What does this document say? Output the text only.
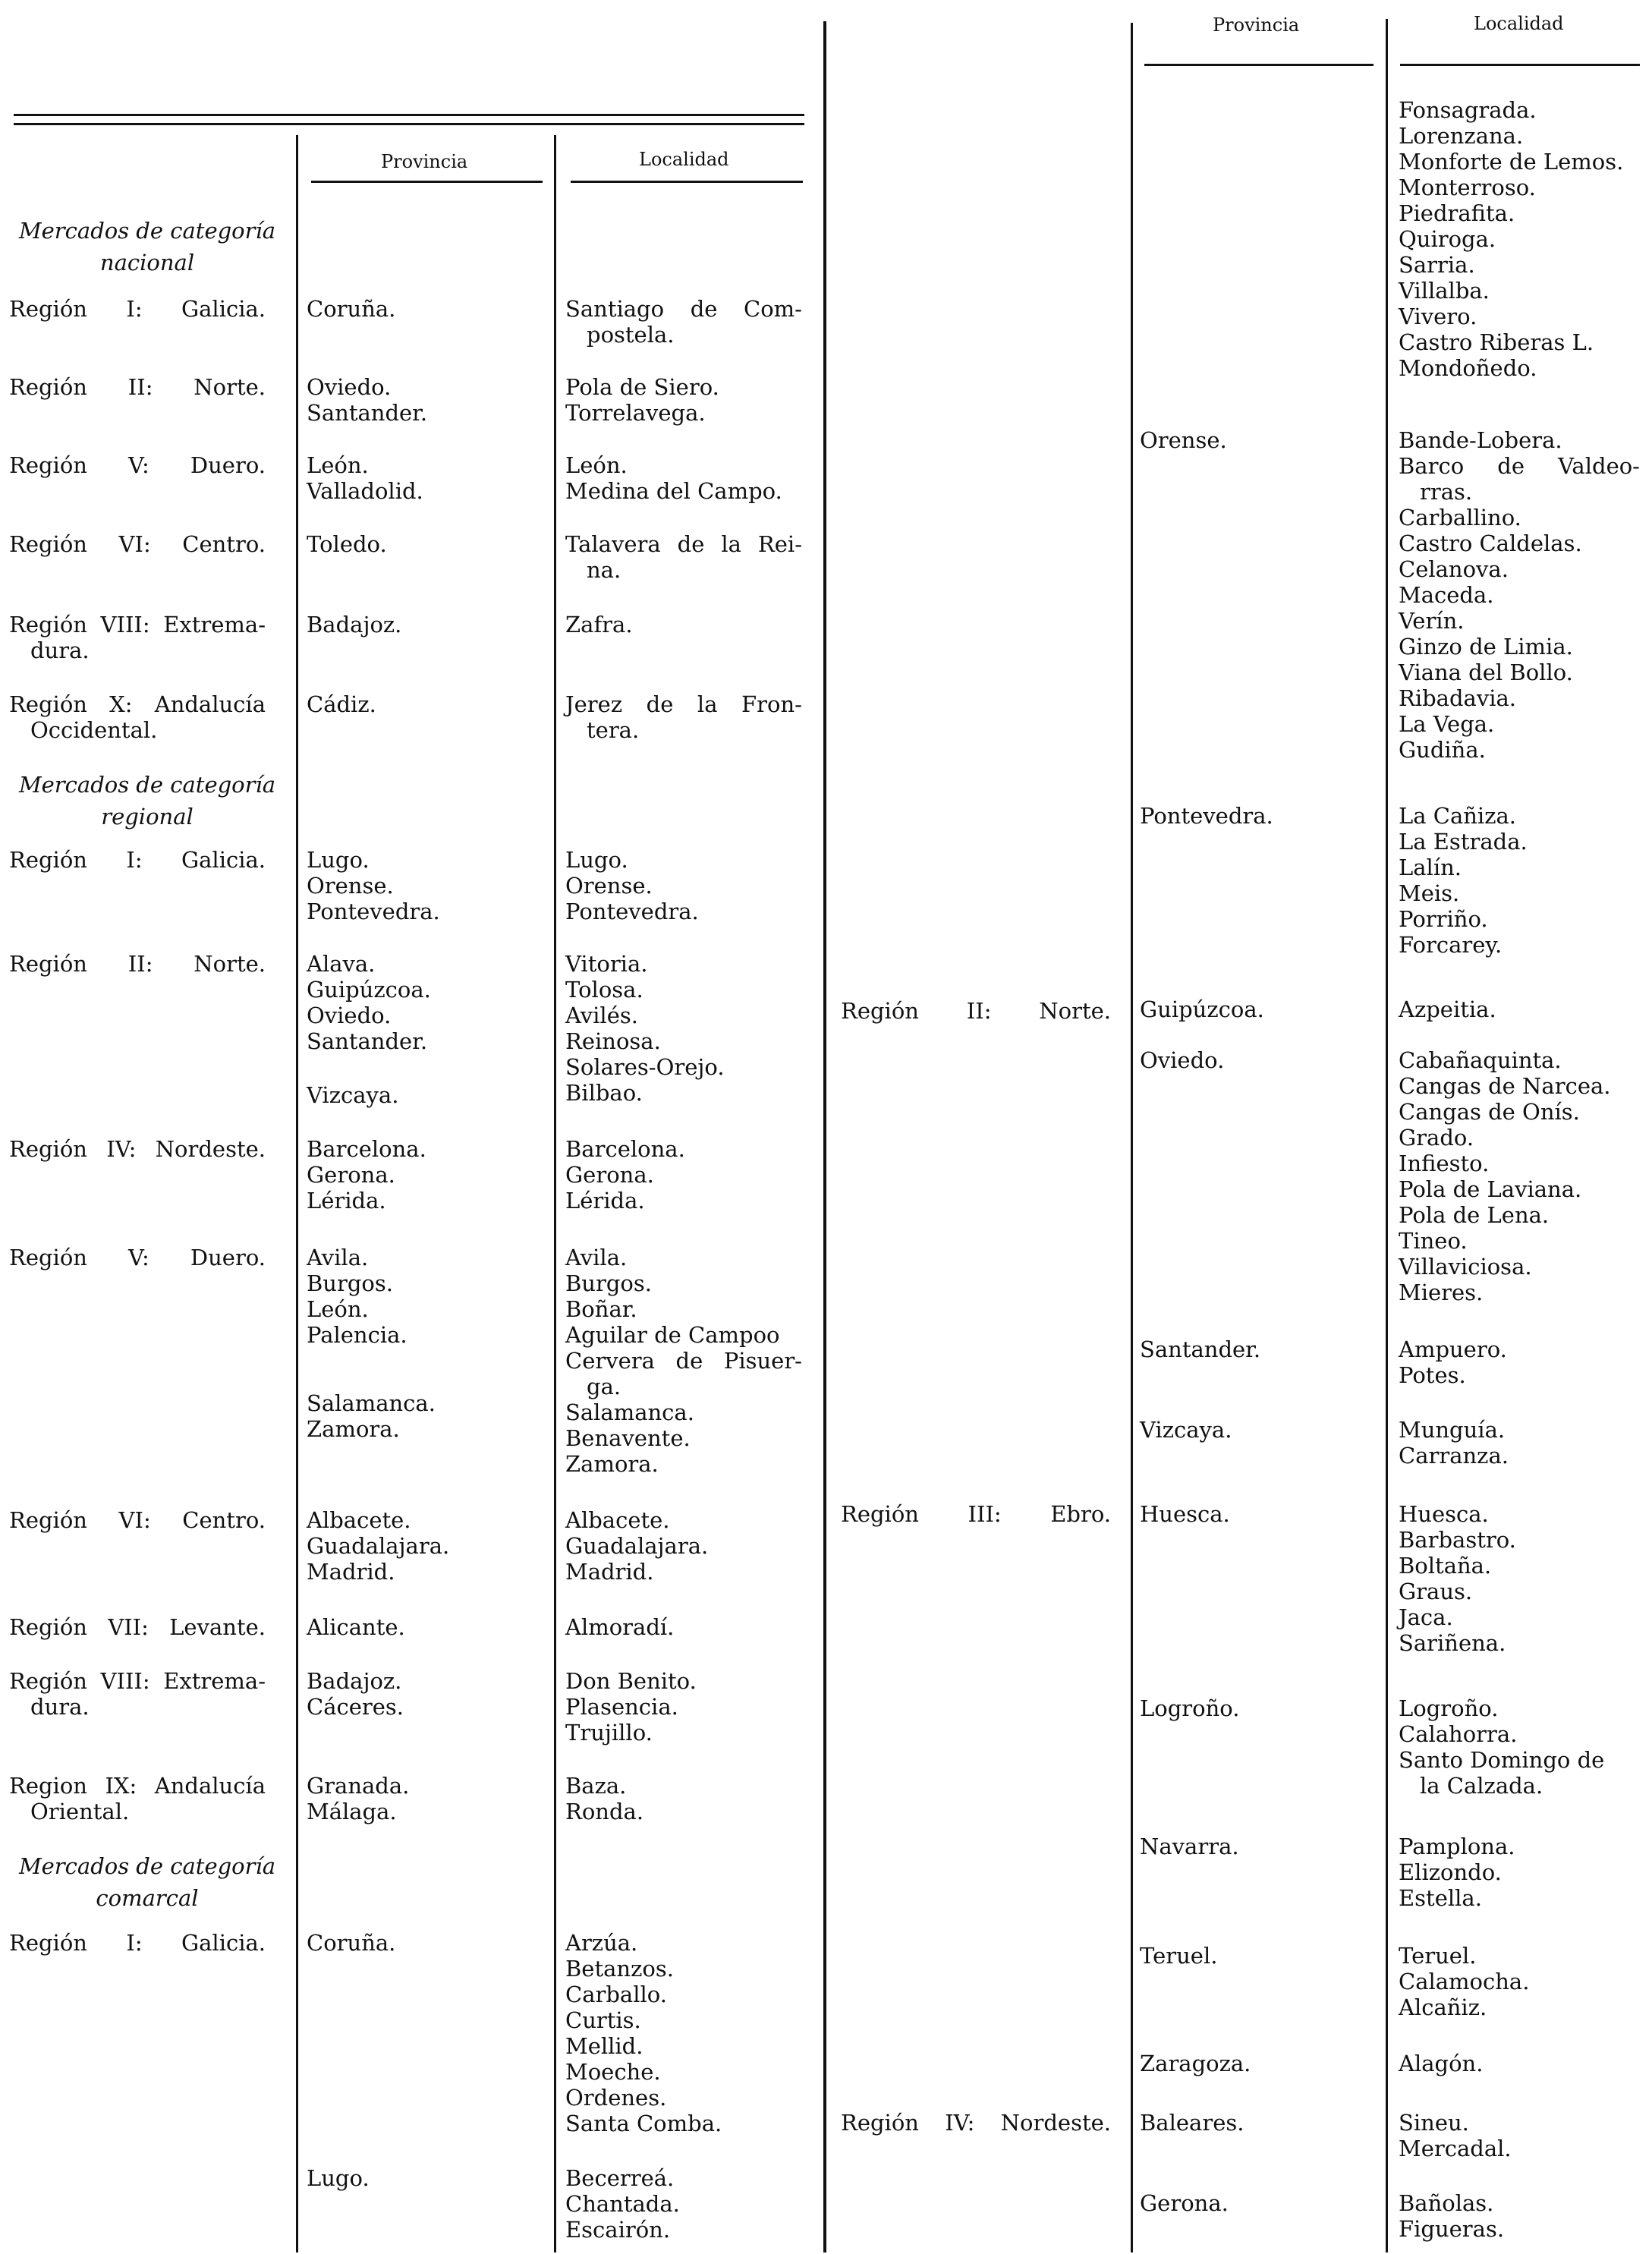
Provincia	Localidad
Provincia	Localidad
Mercados de categoría nacional
Mercados de categoría regional
Mercados de categoría comarcal
Región I: Galicia.
Región II: Norte.
Región V: Duero.
Región VI: Centro.
Región VIII: Extrema-
dura.
Región X: Andalucía
Occidental.
Región I: Galicia.
Región II: Norte.
Región IV: Nordeste.
Región V: Duero.
Región VI: Centro.
Región VII: Levante.
Región VIII: Extrema-
dura.
Region IX: Andalucía
Oriental.
Región I: Galicia.
Coruña.
Oviedo.
Santander.
León.
Valladolid.
Toledo.
Badajoz.
Cádiz.
Lugo.
Orense.
Pontevedra.
Alava.
Guipúzcoa.
Oviedo.
Santander.
Vizcaya.
Barcelona.
Gerona.
Lérida.
Avila.
Burgos.
León.
Palencia.
Salamanca.
Zamora.
Albacete.
Guadalajara.
Madrid.
Alicante.
Badajoz.
Cáceres.
Granada.
Málaga.
Coruña.
Lugo.
Santiago de Com-
postela.
Pola de Siero.
Torrelavega.
León.
Medina del Campo.
Talavera de la Rei-
na.
Zafra.
Jerez de la Fron-
tera.
Lugo.
Orense.
Pontevedra.
Vitoria.
Tolosa.
Avilés.
Reinosa.
Solares-Orejo.
Bilbao.
Barcelona.
Gerona.
Lérida.
Avila.
Burgos.
Boñar.
Aguilar de Campoo
Cervera de Pisuer-
ga.
Salamanca.
Benavente.
Zamora.
Albacete.
Guadalajara.
Madrid.
Almoradí.
Don Benito.
Plasencia.
Trujillo.
Baza.
Ronda.
Arzúa.
Betanzos.
Carballo.
Curtis.
Mellid.
Moeche.
Ordenes.
Santa Comba.
Becerreá.
Chantada.
Escairón.
Región II: Norte.
Región III: Ebro.
Región IV: Nordeste.
Orense.
Pontevedra.
Guipúzcoa.
Oviedo.
Santander.
Vizcaya.
Huesca.
Logroño.
Navarra.
Teruel.
Zaragoza.
Baleares.
Gerona.
Fonsagrada.
Lorenzana.
Monforte de Lemos.
Monterroso.
Piedrafita.
Quiroga.
Sarria.
Villalba.
Vivero.
Castro Riberas L.
Mondoñedo.
Bande-Lobera.
Barco de Valdeo-
rras.
Carballino.
Castro Caldelas.
Celanova.
Maceda.
Verín.
Ginzo de Limia.
Viana del Bollo.
Ribadavia.
La Vega.
Gudiña.
La Cañiza.
La Estrada.
Lalín.
Meis.
Porriño.
Forcarey.
Azpeitia.
Cabañaquinta.
Cangas de Narcea.
Cangas de Onís.
Grado.
Infiesto.
Pola de Laviana.
Pola de Lena.
Tineo.
Villaviciosa.
Mieres.
Ampuero.
Potes.
Munguía.
Carranza.
Huesca.
Barbastro.
Boltaña.
Graus.
Jaca.
Sariñena.
Logroño.
Calahorra.
Santo Domingo de
la Calzada.
Pamplona.
Elizondo.
Estella.
Teruel.
Calamocha.
Alcañiz.
Alagón.
Sineu.
Mercadal.
Bañolas.
Figueras.
